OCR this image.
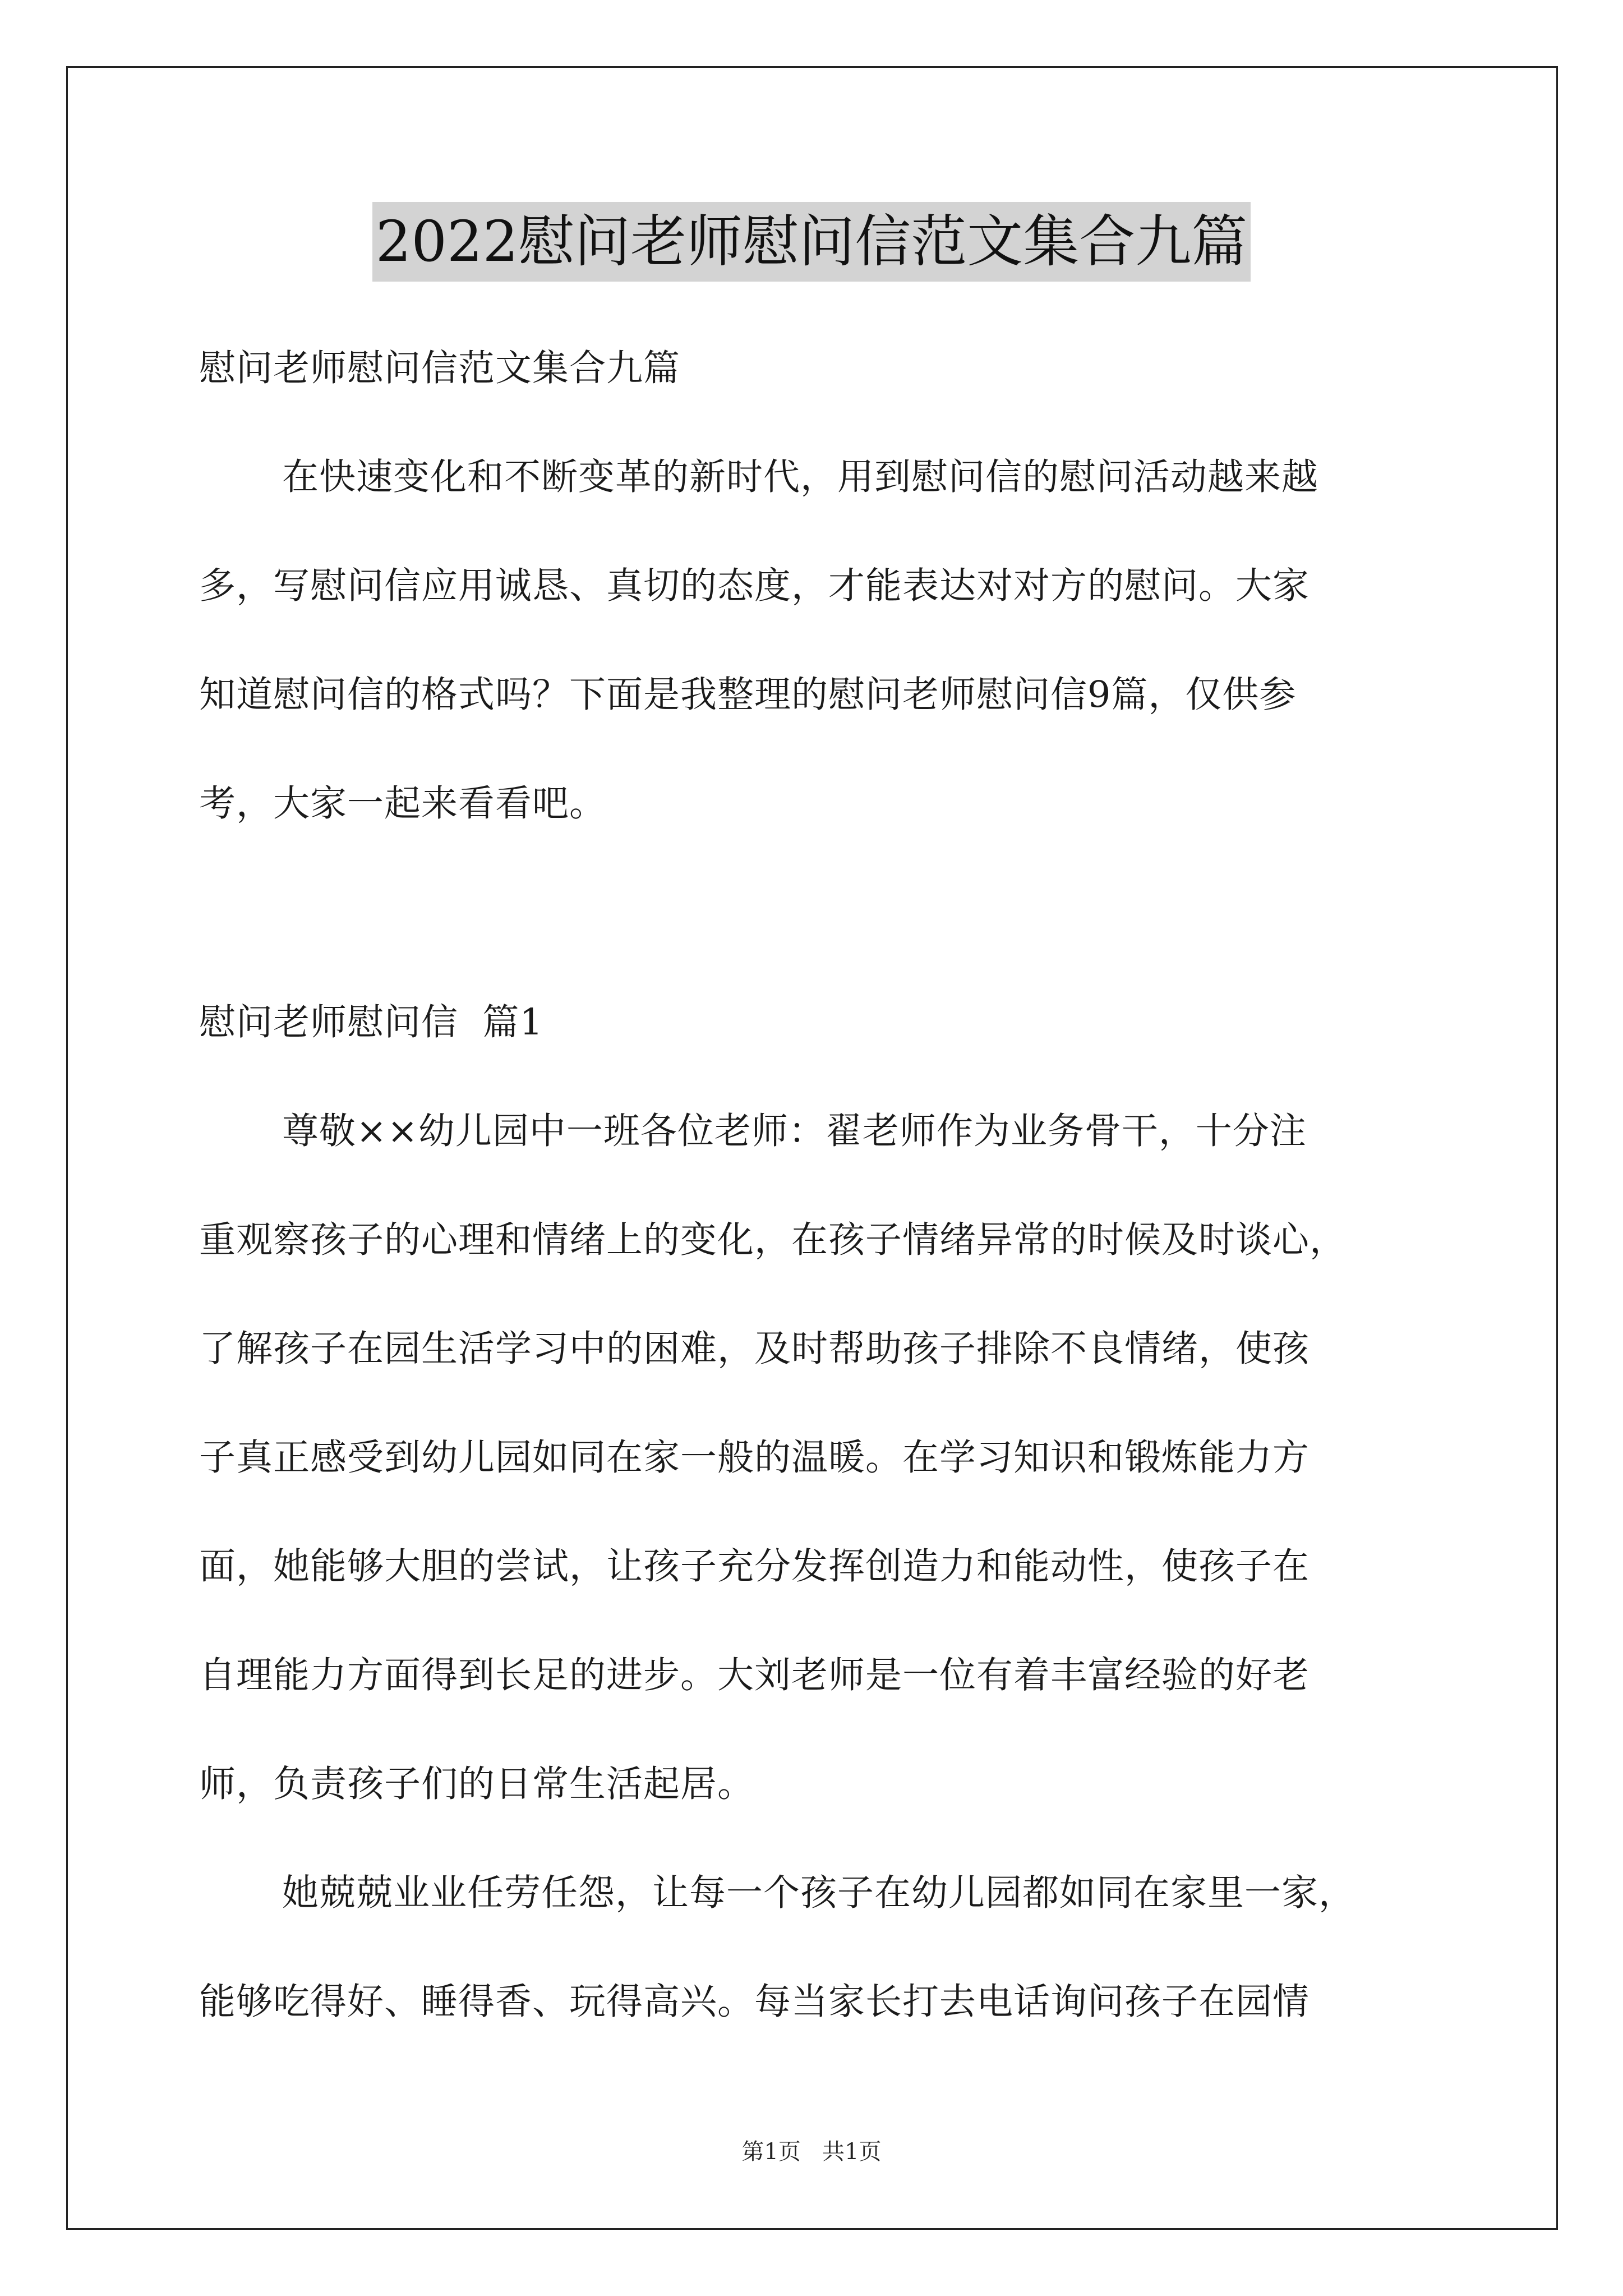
2022慰问老师慰问信范文集合九篇
慰问老师慰问信范文集合九篇
在快速变化和不断变革的新时代，用到慰问信的慰问活动越来越
多，写慰问信应用诚恳、真切的态度，才能表达对对方的慰问。大家
知道慰问信的格式吗？下面是我整理的慰问老师慰问信9篇，仅供参
考，大家一起来看看吧。
慰问老师慰问信  篇1
尊敬××幼儿园中一班各位老师：翟老师作为业务骨干，十分注
重观察孩子的心理和情绪上的变化，在孩子情绪异常的时候及时谈心，
了解孩子在园生活学习中的困难，及时帮助孩子排除不良情绪，使孩
子真正感受到幼儿园如同在家一般的温暖。在学习知识和锻炼能力方
面，她能够大胆的尝试，让孩子充分发挥创造力和能动性，使孩子在
自理能力方面得到长足的进步。大刘老师是一位有着丰富经验的好老
师，负责孩子们的日常生活起居。
她兢兢业业任劳任怨，让每一个孩子在幼儿园都如同在家里一家，
能够吃得好、睡得香、玩得高兴。每当家长打去电话询问孩子在园情
第1页   共1页
